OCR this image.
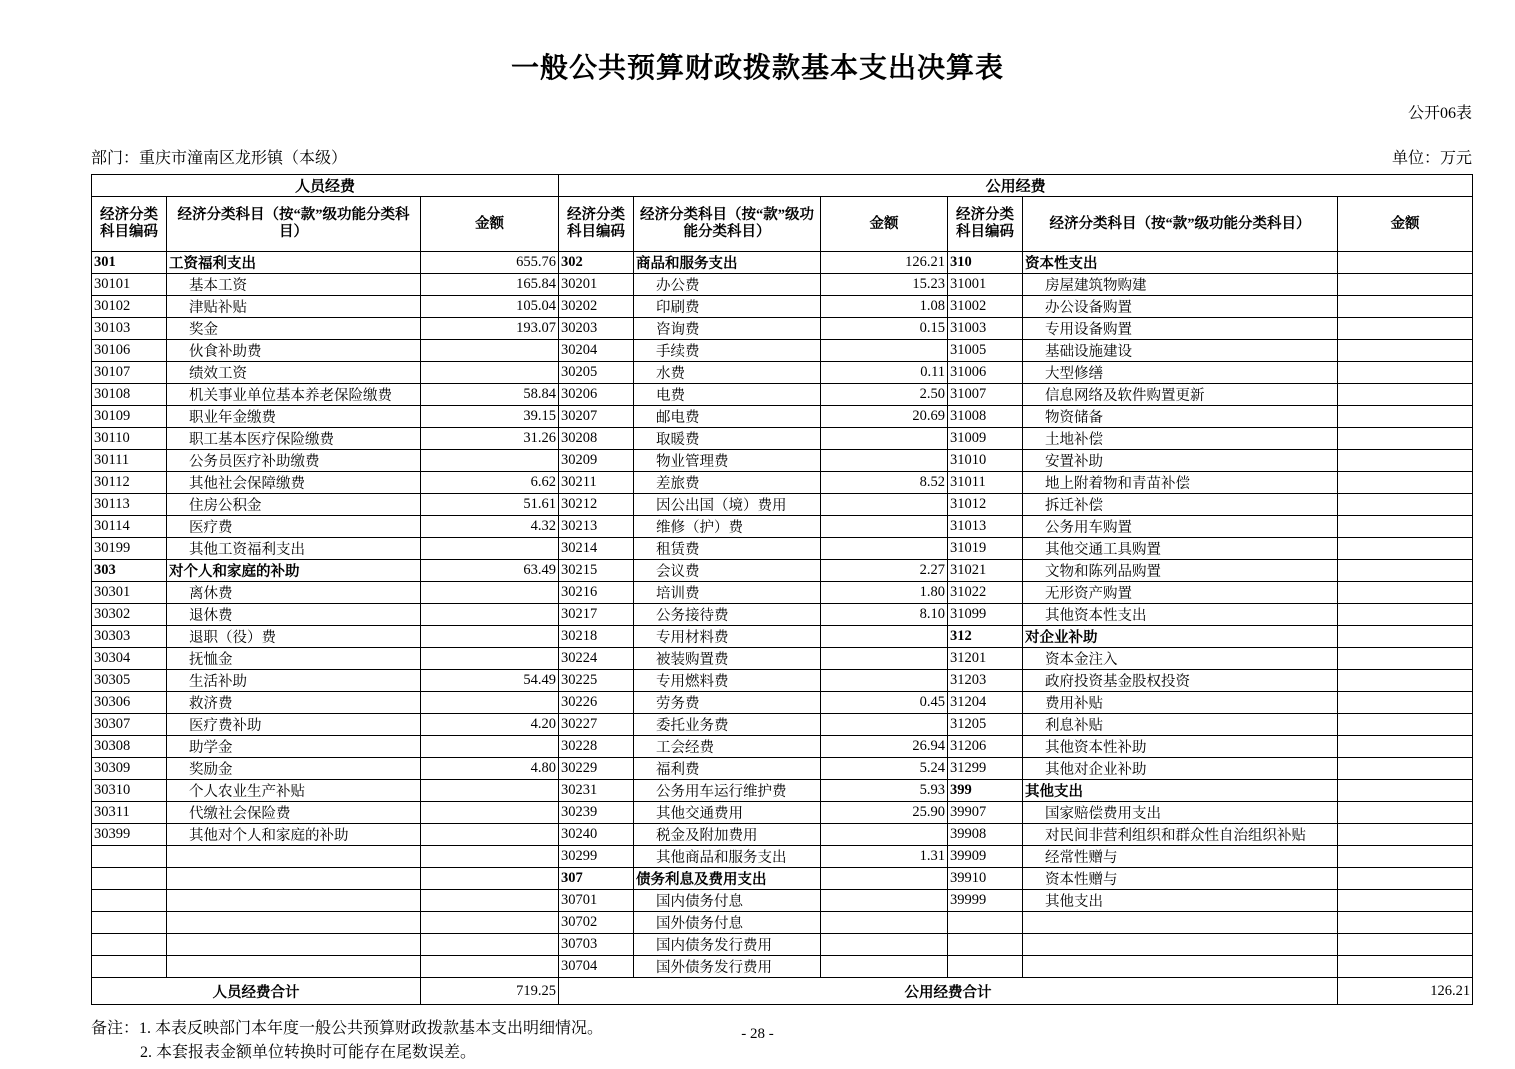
一般公共预算财政拨款基本支出决算表
公开06表
部门：重庆市潼南区龙形镇（本级）	单位：万元
人员经费			公用经费					
经济分类科目编码	经济分类科目（按“款”级功能分类科目）	金额	经济分类科目编码	经济分类科目（按“款”级功能分类科目）	金额	经济分类科目编码	经济分类科目（按“款”级功能分类科目）	金额
301	工资福利支出	655.76	302	商品和服务支出	126.21	310	资本性支出	
30101	基本工资	165.84	30201	办公费	15.23	31001	房屋建筑物购建	
30102	津贴补贴	105.04	30202	印刷费	1.08	31002	办公设备购置	
30103	奖金	193.07	30203	咨询费	0.15	31003	专用设备购置	
30106	伙食补助费		30204	手续费		31005	基础设施建设	
30107	绩效工资		30205	水费	0.11	31006	大型修缮	
30108	机关事业单位基本养老保险缴费	58.84	30206	电费	2.50	31007	信息网络及软件购置更新	
30109	职业年金缴费	39.15	30207	邮电费	20.69	31008	物资储备	
30110	职工基本医疗保险缴费	31.26	30208	取暖费		31009	土地补偿	
30111	公务员医疗补助缴费		30209	物业管理费		31010	安置补助	
30112	其他社会保障缴费	6.62	30211	差旅费	8.52	31011	地上附着物和青苗补偿	
30113	住房公积金	51.61	30212	因公出国（境）费用		31012	拆迁补偿	
30114	医疗费	4.32	30213	维修（护）费		31013	公务用车购置	
30199	其他工资福利支出		30214	租赁费		31019	其他交通工具购置	
303	对个人和家庭的补助	63.49	30215	会议费	2.27	31021	文物和陈列品购置	
30301	离休费		30216	培训费	1.80	31022	无形资产购置	
30302	退休费		30217	公务接待费	8.10	31099	其他资本性支出	
30303	退职（役）费		30218	专用材料费		312	对企业补助	
30304	抚恤金		30224	被装购置费		31201	资本金注入	
30305	生活补助	54.49	30225	专用燃料费		31203	政府投资基金股权投资	
30306	救济费		30226	劳务费	0.45	31204	费用补贴	
30307	医疗费补助	4.20	30227	委托业务费		31205	利息补贴	
30308	助学金		30228	工会经费	26.94	31206	其他资本性补助	
30309	奖励金	4.80	30229	福利费	5.24	31299	其他对企业补助	
30310	个人农业生产补贴		30231	公务用车运行维护费	5.93	399	其他支出	
30311	代缴社会保险费		30239	其他交通费用	25.90	39907	国家赔偿费用支出	
30399	其他对个人和家庭的补助		30240	税金及附加费用		39908	对民间非营利组织和群众性自治组织补贴	
			30299	其他商品和服务支出	1.31	39909	经常性赠与	
			307	债务利息及费用支出		39910	资本性赠与	
			30701	国内债务付息		39999	其他支出	
			30702	国外债务付息				
			30703	国内债务发行费用				
			30704	国外债务发行费用				
人员经费合计		719.25	公用经费合计					126.21
备注：1. 本表反映部门本年度一般公共预算财政拨款基本支出明细情况。
2. 本套报表金额单位转换时可能存在尾数误差。
- 28 -
